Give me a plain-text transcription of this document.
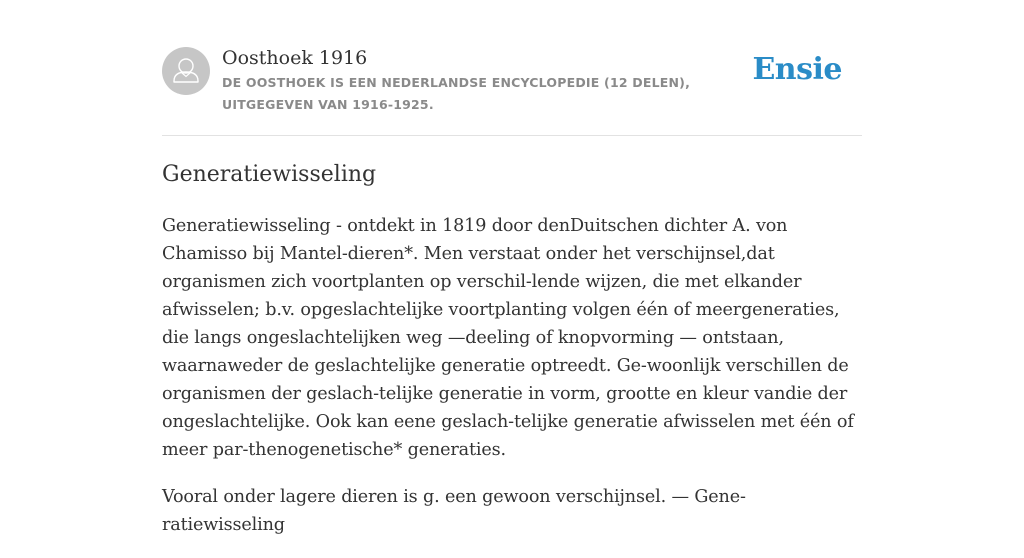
Oosthoek 1916
DE OOSTHOEK IS EEN NEDERLANDSE ENCYCLOPEDIE (12 DELEN), UITGEGEVEN VAN 1916-1925.
Ensie
Generatiewisseling

Generatiewisseling - ontdekt in 1819 door denDuitschen dichter A. von Chamisso bij Mantel-dieren*. Men verstaat onder het verschijnsel,dat organismen zich voortplanten op verschil-lende wijzen, die met elkander afwisselen; b.v. opgeslachtelijke voortplanting volgen één of meergeneraties, die langs ongeslachtelijken weg —deeling of knopvorming — ontstaan, waarnaweder de geslachtelijke generatie optreedt. Ge-woonlijk verschillen de organismen der geslach-telijke generatie in vorm, grootte en kleur vandie der ongeslachtelijke. Ook kan eene geslach-telijke generatie afwisselen met één of meer par-thenogenetische* generaties.

Vooral onder lagere dieren is g. een gewoon verschijnsel. — Gene-ratiewisseling
